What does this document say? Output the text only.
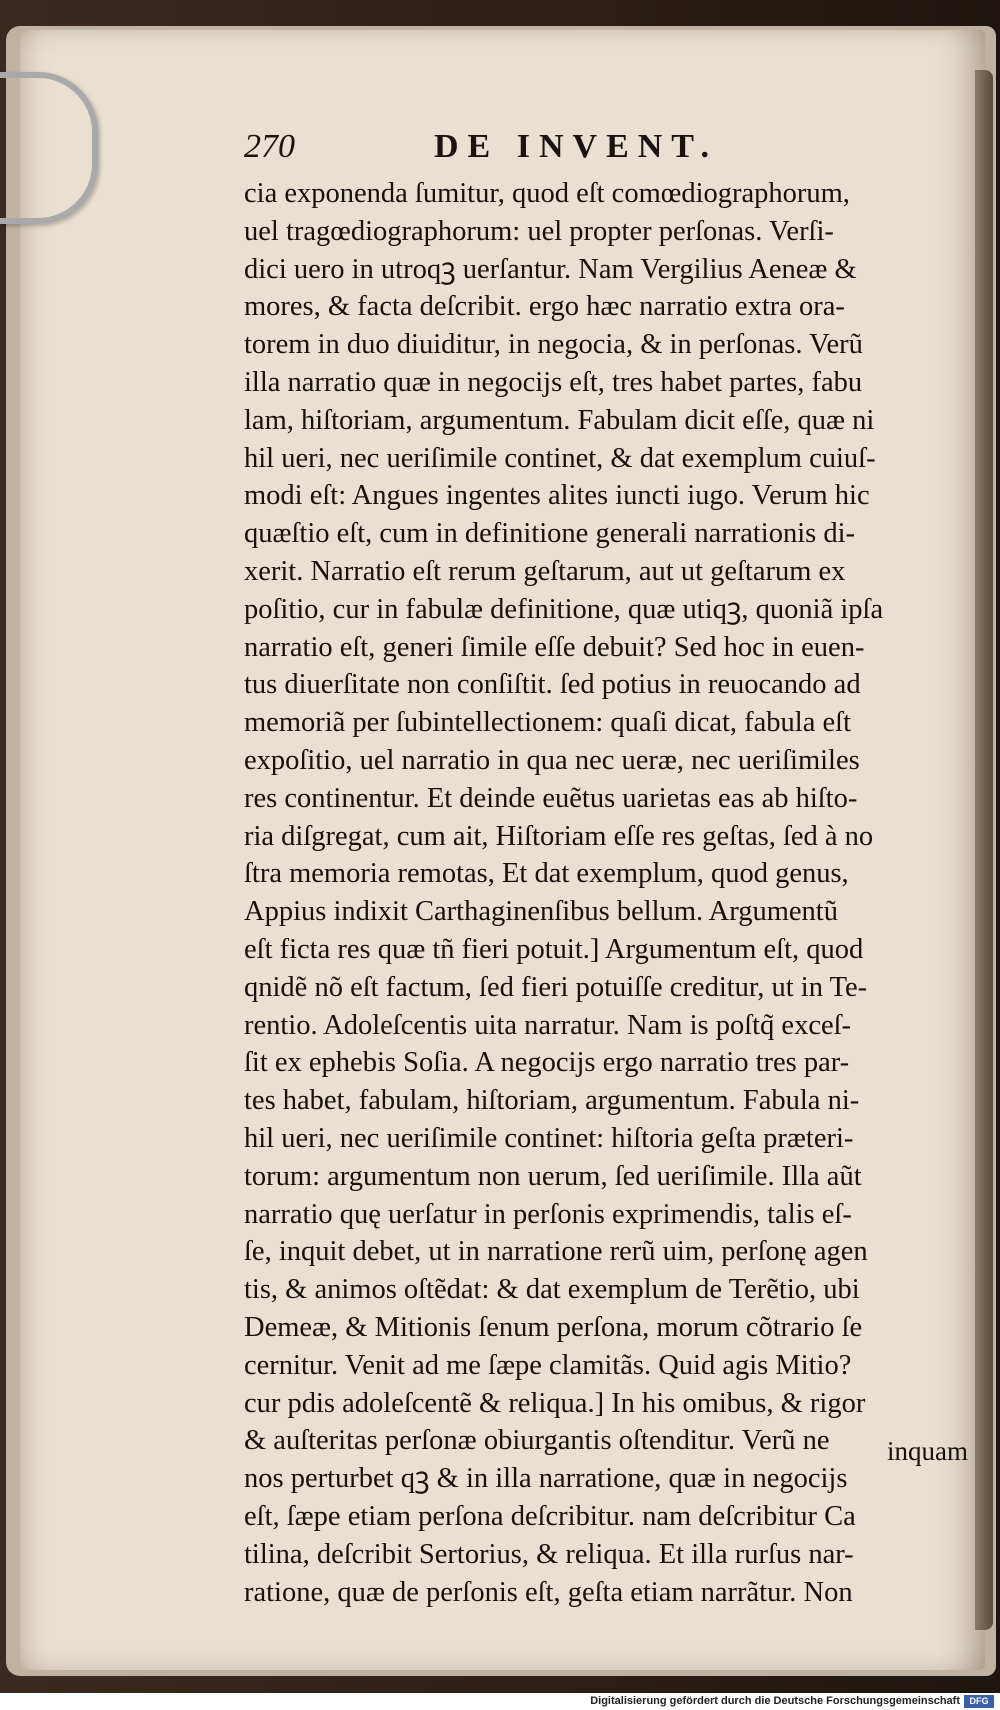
270	DE INVENT.
cia exponenda ſumitur, quod eſt comœdiographorum,
uel tragœdiographorum: uel propter perſonas. Verſi-
dici uero in utroqꝫ uerſantur. Nam Vergilius Aeneæ &
mores, & facta deſcribit. ergo hæc narratio extra ora-
torem in duo diuiditur, in negocia, & in perſonas. Verũ
illa narratio quæ in negocijs eſt, tres habet partes, fabu
lam, hiſtoriam, argumentum. Fabulam dicit eſſe, quæ ni
hil ueri, nec ueriſimile continet, & dat exemplum cuiuſ-
modi eſt: Angues ingentes alites iuncti iugo. Verum hic
quæſtio eſt, cum in definitione generali narrationis di-
xerit. Narratio eſt rerum geſtarum, aut ut geſtarum ex
poſitio, cur in fabulæ definitione, quæ utiqꝫ, quoniã ipſa
narratio eſt, generi ſimile eſſe debuit? Sed hoc in euen-
tus diuerſitate non conſiſtit. ſed potius in reuocando ad
memoriã per ſubintellectionem: quaſi dicat, fabula eſt
expoſitio, uel narratio in qua nec ueræ, nec ueriſimiles
res continentur. Et deinde euẽtus uarietas eas ab hiſto-
ria diſgregat, cum ait, Hiſtoriam eſſe res geſtas, ſed à no
ſtra memoria remotas, Et dat exemplum, quod genus,
Appius indixit Carthaginenſibus bellum. Argumentũ
eſt ficta res quæ tñ fieri potuit.] Argumentum eſt, quod
qnidẽ nõ eſt factum, ſed fieri potuiſſe creditur, ut in Te-
rentio. Adoleſcentis uita narratur. Nam is poſtq̃ exceſ-
ſit ex ephebis Soſia. A negocijs ergo narratio tres par-
tes habet, fabulam, hiſtoriam, argumentum. Fabula ni-
hil ueri, nec ueriſimile continet: hiſtoria geſta præteri-
torum: argumentum non uerum, ſed ueriſimile. Illa aũt
narratio quę uerſatur in perſonis exprimendis, talis eſ-
ſe, inquit debet, ut in narratione rerũ uim, perſonę agen
tis, & animos oſtẽdat: & dat exemplum de Terẽtio, ubi
Demeæ, & Mitionis ſenum perſona, morum cõtrario ſe
cernitur. Venit ad me ſæpe clamitãs. Quid agis Mitio?
cur pdis adoleſcentẽ & reliqua.] In his omibus, & rigor
& auſteritas perſonæ obiurgantis oſtenditur. Verũ ne
nos perturbet qꝫ & in illa narratione, quæ in negocijs
eſt, ſæpe etiam perſona deſcribitur. nam deſcribitur Ca
tilina, deſcribit Sertorius, & reliqua. Et illa rurſus nar-
ratione, quæ de perſonis eſt, geſta etiam narrãtur. Non
inquam
Digitalisierung gefördert durch die Deutsche Forschungsgemeinschaft	DFG
